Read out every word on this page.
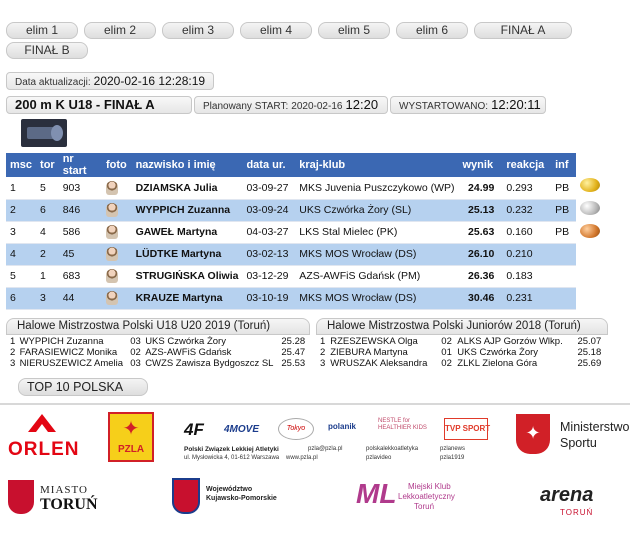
elim 1	elim 2	elim 3	elim 4	elim 5	elim 6	FINAŁ A
FINAŁ B
Data aktualizacji: 2020-02-16 12:28:19
200 m K U18 - FINAŁ A	Planowany START: 2020-02-16 12:20	WYSTARTOWANO: 12:20:11
msc	tor	nr start	foto	nazwisko i imię	data ur.	kraj-klub	wynik	reakcja	inf
1	5	903		DZIAMSKA Julia	03-09-27	MKS Juvenia Puszczykowo (WP)	24.99	0.293	PB
2	6	846		WYPPICH Zuzanna	03-09-24	UKS Czwórka Żory (SL)	25.13	0.232	PB
3	4	586		GAWEŁ Martyna	04-03-27	LKS Stal Mielec (PK)	25.63	0.160	PB
4	2	45		LÜDTKE Martyna	03-02-13	MKS MOS Wrocław (DS)	26.10	0.210	
5	1	683		STRUGIŃSKA Oliwia	03-12-29	AZS-AWFiS Gdańsk (PM)	26.36	0.183	
6	3	44		KRAUZE Martyna	03-10-19	MKS MOS Wrocław (DS)	30.46	0.231	
Halowe Mistrzostwa Polski U18 U20 2019 (Toruń)
1	WYPPICH Zuzanna	03	UKS Czwórka Żory	25.28
2	FARASIEWICZ Monika	02	AZS-AWFiS Gdańsk	25.47
3	NIERUSZEWICZ Amelia	03	CWZS Zawisza Bydgoszcz SL	25.53
Halowe Mistrzostwa Polski Juniorów 2018 (Toruń)
1	RZESZEWSKA Olga	02	ALKS AJP Gorzów Wlkp.	25.07
2	ZIEBURA Martyna	01	UKS Czwórka Żory	25.18
3	WRUSZAK Aleksandra	02	ZLKL Zielona Góra	25.69
TOP 10 POLSKA
ORLEN
✦
PZLA
4F 4MOVE	Tokyo	polanik
NESTLE for HEALTHIER KIDS	TVP SPORT
Polski Związek Lekkiej Atletyki
ul. Mysłowicka 4, 01-612 Warszawa www.pzla.pl
pzla@pzla.pl	polskalekkoatletyka
pzlavideo
pzlanews
pzla1919
✦	Ministerstwo
Sportu
MIASTO
TORUŃ
Województwo
Kujawsko-Pomorskie	ML Miejski Klub
Lekkoatletyczny
Toruń
arena
TORUŃ
